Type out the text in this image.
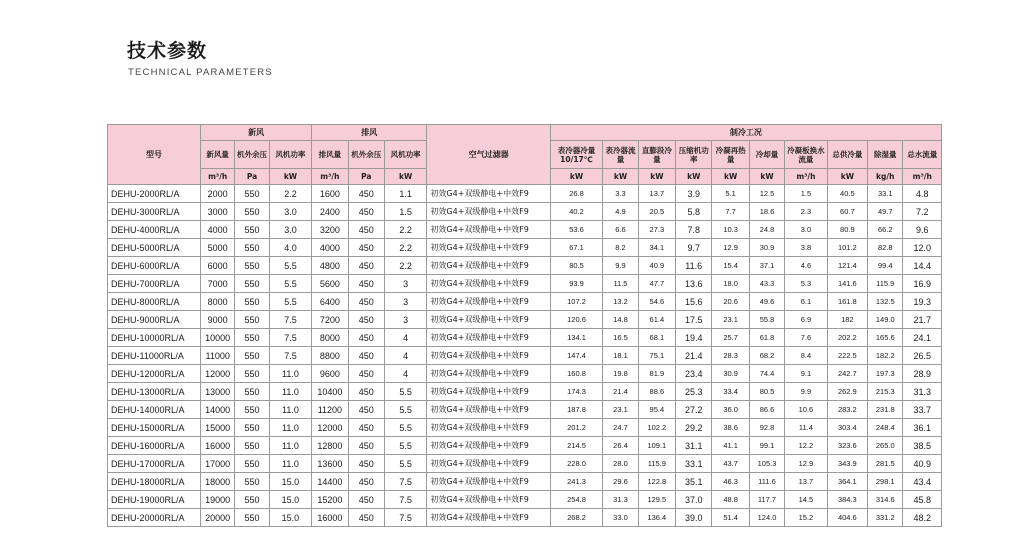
技术参数
TECHNICAL PARAMETERS
型号	新风			排风			空气过滤器	制冷工况									
	新风量	机外余压	风机功率	排风量	机外余压	风机功率		表冷器冷量 10/17℃	表冷器流量	直膨段冷量	压缩机功率	冷凝再热量	冷却量	冷凝板换水流量	总供冷量	除湿量	总水流量
	m³/h	Pa	kW	m³/h	Pa	kW		kW	kW	kW	kW	kW	kW	m³/h	kW	kg/h	m³/h
DEHU-2000RL/A	2000	550	2.2	1600	450	1.1	初效G4+双级静电+中效F9	26.8	3.3	13.7	3.9	5.1	12.5	1.5	40.5	33.1	4.8
DEHU-3000RL/A	3000	550	3.0	2400	450	1.5	初效G4+双级静电+中效F9	40.2	4.9	20.5	5.8	7.7	18.6	2.3	60.7	49.7	7.2
DEHU-4000RL/A	4000	550	3.0	3200	450	2.2	初效G4+双级静电+中效F9	53.6	6.6	27.3	7.8	10.3	24.8	3.0	80.9	66.2	9.6
DEHU-5000RL/A	5000	550	4.0	4000	450	2.2	初效G4+双级静电+中效F9	67.1	8.2	34.1	9.7	12.9	30.9	3.8	101.2	82.8	12.0
DEHU-6000RL/A	6000	550	5.5	4800	450	2.2	初效G4+双级静电+中效F9	80.5	9.9	40.9	11.6	15.4	37.1	4.6	121.4	99.4	14.4
DEHU-7000RL/A	7000	550	5.5	5600	450	3	初效G4+双级静电+中效F9	93.9	11.5	47.7	13.6	18.0	43.3	5.3	141.6	115.9	16.9
DEHU-8000RL/A	8000	550	5.5	6400	450	3	初效G4+双级静电+中效F9	107.2	13.2	54.6	15.6	20.6	49.6	6.1	161.8	132.5	19.3
DEHU-9000RL/A	9000	550	7.5	7200	450	3	初效G4+双级静电+中效F9	120.6	14.8	61.4	17.5	23.1	55.8	6.9	182	149.0	21.7
DEHU-10000RL/A	10000	550	7.5	8000	450	4	初效G4+双级静电+中效F9	134.1	16.5	68.1	19.4	25.7	61.8	7.6	202.2	165.6	24.1
DEHU-11000RL/A	11000	550	7.5	8800	450	4	初效G4+双级静电+中效F9	147.4	18.1	75.1	21.4	28.3	68.2	8.4	222.5	182.2	26.5
DEHU-12000RL/A	12000	550	11.0	9600	450	4	初效G4+双级静电+中效F9	160.8	19.8	81.9	23.4	30.9	74.4	9.1	242.7	197.3	28.9
DEHU-13000RL/A	13000	550	11.0	10400	450	5.5	初效G4+双级静电+中效F9	174.3	21.4	88.6	25.3	33.4	80.5	9.9	262.9	215.3	31.3
DEHU-14000RL/A	14000	550	11.0	11200	450	5.5	初效G4+双级静电+中效F9	187.8	23.1	95.4	27.2	36.0	86.6	10.6	283.2	231.8	33.7
DEHU-15000RL/A	15000	550	11.0	12000	450	5.5	初效G4+双级静电+中效F9	201.2	24.7	102.2	29.2	38.6	92.8	11.4	303.4	248.4	36.1
DEHU-16000RL/A	16000	550	11.0	12800	450	5.5	初效G4+双级静电+中效F9	214.5	26.4	109.1	31.1	41.1	99.1	12.2	323.6	265.0	38.5
DEHU-17000RL/A	17000	550	11.0	13600	450	5.5	初效G4+双级静电+中效F9	228.0	28.0	115.9	33.1	43.7	105.3	12.9	343.9	281.5	40.9
DEHU-18000RL/A	18000	550	15.0	14400	450	7.5	初效G4+双级静电+中效F9	241.3	29.6	122.8	35.1	46.3	111.6	13.7	364.1	298.1	43.4
DEHU-19000RL/A	19000	550	15.0	15200	450	7.5	初效G4+双级静电+中效F9	254.8	31.3	129.5	37.0	48.8	117.7	14.5	384.3	314.6	45.8
DEHU-20000RL/A	20000	550	15.0	16000	450	7.5	初效G4+双级静电+中效F9	268.2	33.0	136.4	39.0	51.4	124.0	15.2	404.6	331.2	48.2
